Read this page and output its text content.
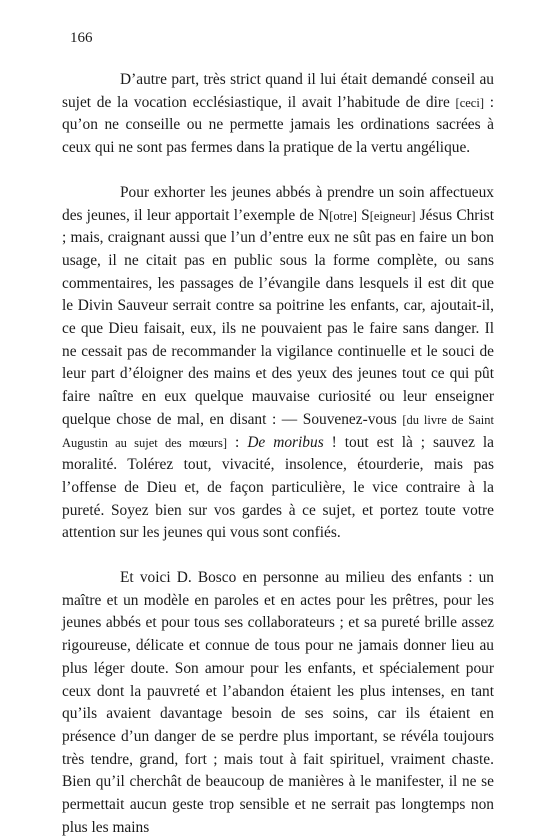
166

D’autre part, très strict quand il lui était demandé conseil au sujet de la vocation ecclésiastique, il avait l’habitude de dire [ceci] : qu’on ne conseille ou ne permette jamais les ordinations sacrées à ceux qui ne sont pas fermes dans la pratique de la vertu angélique.

Pour exhorter les jeunes abbés à prendre un soin affectueux des jeunes, il leur apportait l’exemple de N[otre] S[eigneur] Jésus Christ ; mais, craignant aussi que l’un d’entre eux ne sût pas en faire un bon usage, il ne citait pas en public sous la forme complète, ou sans commentaires, les passages de l’évangile dans lesquels il est dit que le Divin Sauveur serrait contre sa poitrine les enfants, car, ajoutait-il, ce que Dieu faisait, eux, ils ne pouvaient pas le faire sans danger. Il ne cessait pas de recommander la vigilance continuelle et le souci de leur part d’éloigner des mains et des yeux des jeunes tout ce qui pût faire naître en eux quelque mauvaise curiosité ou leur enseigner quelque chose de mal, en disant : — Souvenez-vous [du livre de Saint Augustin au sujet des mœurs] : De moribus ! tout est là ; sauvez la moralité. Tolérez tout, vivacité, insolence, étourderie, mais pas l’offense de Dieu et, de façon particulière, le vice contraire à la pureté. Soyez bien sur vos gardes à ce sujet, et portez toute votre attention sur les jeunes qui vous sont confiés.

Et voici D. Bosco en personne au milieu des enfants : un maître et un modèle en paroles et en actes pour les prêtres, pour les jeunes abbés et pour tous ses collaborateurs ; et sa pureté brille assez rigoureuse, délicate et connue de tous pour ne jamais donner lieu au plus léger doute. Son amour pour les enfants, et spécialement pour ceux dont la pauvreté et l’abandon étaient les plus intenses, en tant qu’ils avaient davantage besoin de ses soins, car ils étaient en présence d’un danger de se perdre plus important, se révéla toujours très tendre, grand, fort ; mais tout à fait spirituel, vraiment chaste. Bien qu’il cherchât de beaucoup de manières à le manifester, il ne se permettait aucun geste trop sensible et ne serrait pas longtemps non plus les mains
